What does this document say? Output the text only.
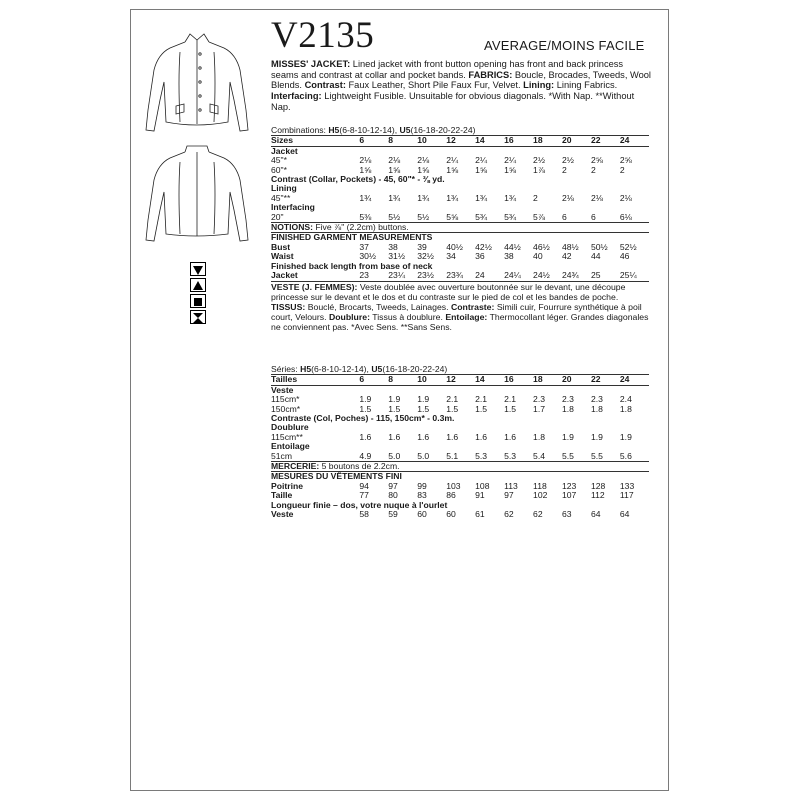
V2135	AVERAGE/MOINS FACILE
MISSES' JACKET: Lined jacket with front button opening has front and back princess seams and contrast at collar and pocket bands. FABRICS: Boucle, Brocades, Tweeds, Wool Blends. Contrast: Faux Leather, Short Pile Faux Fur, Velvet. Lining: Lining Fabrics. Interfacing: Lightweight Fusible. Unsuitable for obvious diagonals. *With Nap. **Without Nap.
Combinations: H5(6-8-10-12-14), U5(16-18-20-22-24)
Sizes	6	8	10	12	14	16	18	20	22	24
Jacket										
45"*	2⅛	2⅛	2⅛	2¼	2¼	2¼	2½	2½	2⅝	2⅝
60"*	1⅝	1⅝	1⅝	1⅝	1⅝	1⅝	1⅞	2	2	2
Contrast (Collar, Pockets) - 45, 60"* - ⅜ yd.										
Lining										
45"**	1¾	1¾	1¾	1¾	1¾	1¾	2	2⅛	2⅛	2⅛
Interfacing										
20"	5⅜	5½	5½	5⅝	5¾	5¾	5⅞	6	6	6⅛
NOTIONS: Five ⅞" (2.2cm) buttons.										
FINISHED GARMENT MEASUREMENTS										
Bust	37	38	39	40½	42½	44½	46½	48½	50½	52½
Waist	30½	31½	32½	34	36	38	40	42	44	46
Finished back length from base of neck										
Jacket	23	23¼	23½	23¾	24	24¼	24½	24¾	25	25¼
VESTE (J. FEMMES): Veste doublée avec ouverture boutonnée sur le devant, une découpe princesse sur le devant et le dos et du contraste sur le pied de col et les bandes de poche. TISSUS: Bouclé, Brocarts, Tweeds, Lainages. Contraste: Simili cuir, Fourrure synthétique à poil court, Velours. Doublure: Tissus à doublure. Entoilage: Thermocollant léger. Grandes diagonales ne conviennent pas. *Avec Sens. **Sans Sens.
Séries: H5(6-8-10-12-14), U5(16-18-20-22-24)
Tailles	6	8	10	12	14	16	18	20	22	24
Veste										
115cm*	1.9	1.9	1.9	2.1	2.1	2.1	2.3	2.3	2.3	2.4
150cm*	1.5	1.5	1.5	1.5	1.5	1.5	1.7	1.8	1.8	1.8
Contraste (Col, Poches) - 115, 150cm* - 0.3m.										
Doublure										
115cm**	1.6	1.6	1.6	1.6	1.6	1.6	1.8	1.9	1.9	1.9
Entoilage										
51cm	4.9	5.0	5.0	5.1	5.3	5.3	5.4	5.5	5.5	5.6
MERCERIE: 5 boutons de 2.2cm.										
MESURES DU VÊTEMENTS FINI										
Poitrine	94	97	99	103	108	113	118	123	128	133
Taille	77	80	83	86	91	97	102	107	112	117
Longueur finie – dos, votre nuque à l'ourlet										
Veste	58	59	60	60	61	62	62	63	64	64
